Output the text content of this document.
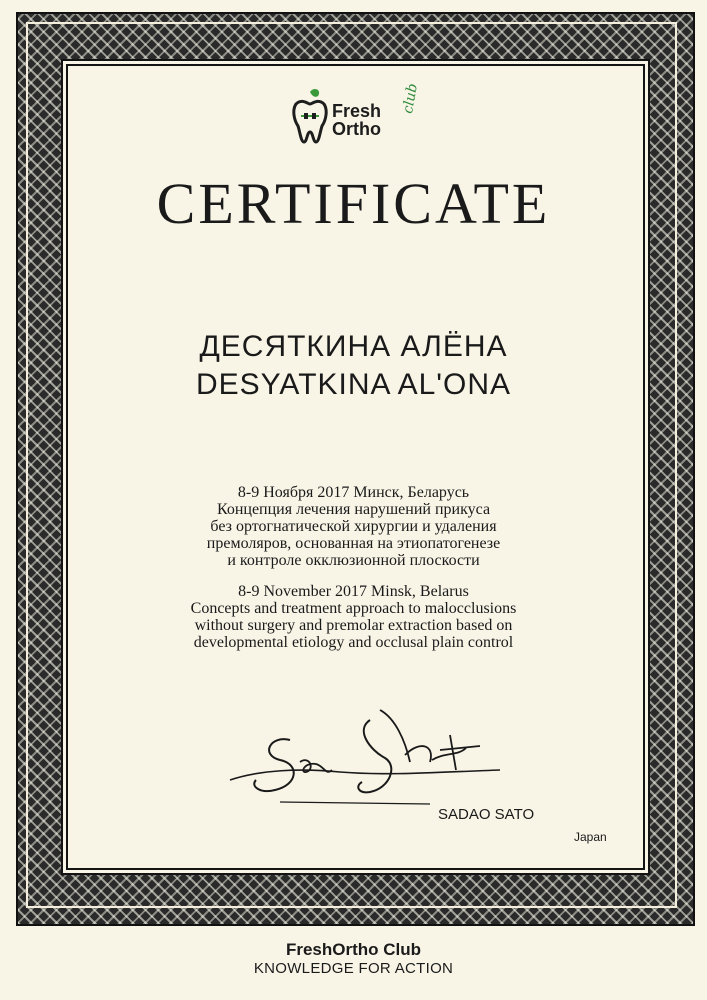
Fresh
Ortho
club
CERTIFICATE
ДЕСЯТКИНА АЛЁНА
DESYATKINA AL'ONA
8-9 Ноября 2017 Минск, Беларусь
Концепция лечения нарушений прикуса
без ортогнатической хирургии и удаления
премоляров, основанная на этиопатогенезе
и контроле окклюзионной плоскости
8-9 November 2017 Minsk, Belarus
Concepts and treatment approach to malocclusions
without surgery and premolar extraction based on
developmental etiology and occlusal plain control
SADAO SATO
Japan
FreshOrtho Club
KNOWLEDGE FOR ACTION
